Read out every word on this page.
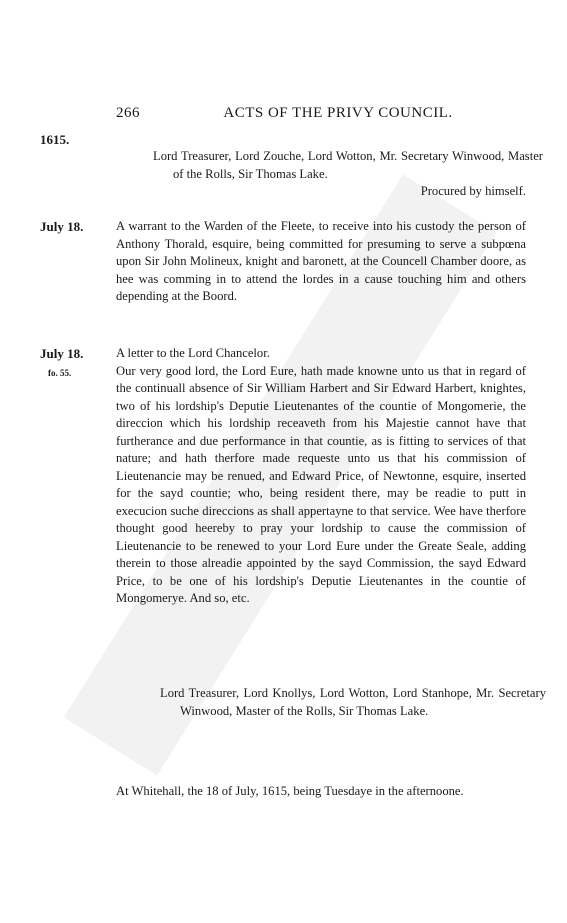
266	ACTS OF THE PRIVY COUNCIL.
1615.
Lord Treasurer, Lord Zouche, Lord Wotton, Mr. Secretary Winwood, Master of the Rolls, Sir Thomas Lake.
Procured by himself.
July 18.	A warrant to the Warden of the Fleete, to receive into his custody the person of Anthony Thorald, esquire, being committed for presuming to serve a subpœna upon Sir John Molineux, knight and baronett, at the Councell Chamber doore, as hee was comming in to attend the lordes in a cause touching him and others depending at the Boord.

July 18.
fo. 55.

A letter to the Lord Chancelor.

Our very good lord, the Lord Eure, hath made knowne unto us that in regard of the continuall absence of Sir William Harbert and Sir Edward Harbert, knightes, two of his lordship's Deputie Lieutenantes of the countie of Mongomerie, the direccion which his lordship receaveth from his Majestie cannot have that furtherance and due performance in that countie, as is fitting to services of that nature; and hath therfore made requeste unto us that his commission of Lieutenancie may be renued, and Edward Price, of Newtonne, esquire, inserted for the sayd countie; who, being resident there, may be readie to putt in execucion suche direccions as shall appertayne to that service. Wee have therfore thought good heereby to pray your lordship to cause the commission of Lieutenancie to be renewed to your Lord Eure under the Greate Seale, adding therein to those alreadie appointed by the sayd Commission, the sayd Edward Price, to be one of his lordship's Deputie Lieutenantes in the countie of Mongomerye. And so, etc.

Lord Treasurer, Lord Knollys, Lord Wotton, Lord Stanhope, Mr. Secretary Winwood, Master of the Rolls, Sir Thomas Lake.
At Whitehall, the 18 of July, 1615, being Tuesdaye in the afternoone.
